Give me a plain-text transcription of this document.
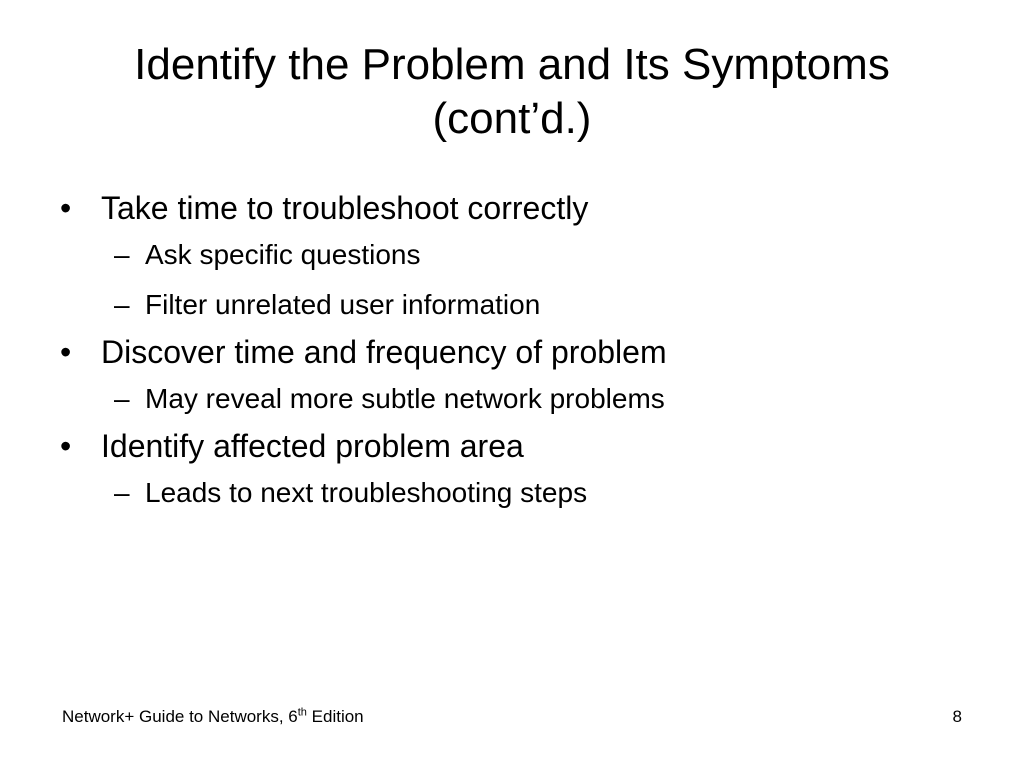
Identify the Problem and Its Symptoms
(cont’d.)
• Take time to troubleshoot correctly
– Ask specific questions
– Filter unrelated user information
• Discover time and frequency of problem
– May reveal more subtle network problems
• Identify affected problem area
– Leads to next troubleshooting steps
Network+ Guide to Networks, 6th Edition	8
